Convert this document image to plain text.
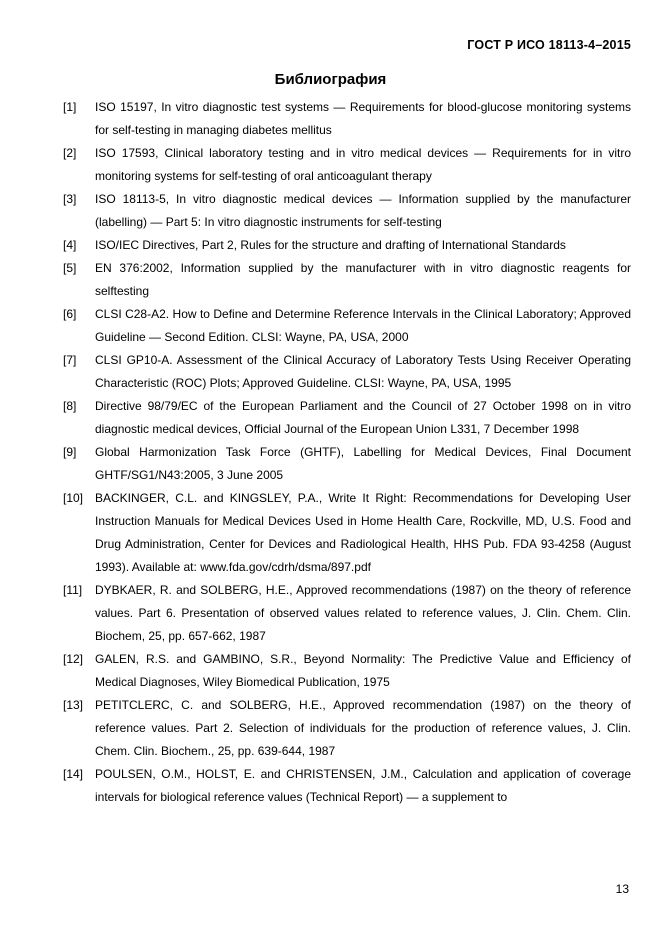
ГОСТ Р ИСО 18113-4–2015
Библиография
[1]	ISO 15197, In vitro diagnostic test systems — Requirements for blood-glucose monitoring systems for self-testing in managing diabetes mellitus
[2]	ISO 17593, Clinical laboratory testing and in vitro medical devices — Requirements for in vitro monitoring systems for self-testing of oral anticoagulant therapy
[3]	ISO 18113-5, In vitro diagnostic medical devices — Information supplied by the manufacturer (labelling) — Part 5: In vitro diagnostic instruments for self-testing
[4]	ISO/IEC Directives, Part 2, Rules for the structure and drafting of International Standards
[5]	EN 376:2002, Information supplied by the manufacturer with in vitro diagnostic reagents for selftesting
[6]	CLSI C28-A2. How to Define and Determine Reference Intervals in the Clinical Laboratory; Approved Guideline — Second Edition. CLSI: Wayne, PA, USA, 2000
[7]	CLSI GP10-A. Assessment of the Clinical Accuracy of Laboratory Tests Using Receiver Operating Characteristic (ROC) Plots; Approved Guideline. CLSI: Wayne, PA, USA, 1995
[8]	Directive 98/79/EC of the European Parliament and the Council of 27 October 1998 on in vitro diagnostic medical devices, Official Journal of the European Union L331, 7 December 1998
[9]	Global Harmonization Task Force (GHTF), Labelling for Medical Devices, Final Document GHTF/SG1/N43:2005, 3 June 2005
[10] BACKINGER, C.L. and KINGSLEY, P.A., Write It Right: Recommendations for Developing User Instruction Manuals for Medical Devices Used in Home Health Care, Rockville, MD, U.S. Food and Drug Administration, Center for Devices and Radiological Health, HHS Pub. FDA 93-4258 (August 1993). Available at: www.fda.gov/cdrh/dsma/897.pdf
[11]	DYBKAER, R. and SOLBERG, H.E., Approved recommendations (1987) on the theory of reference values. Part 6. Presentation of observed values related to reference values, J. Clin. Chem. Clin. Biochem, 25, pp. 657-662, 1987
[12] GALEN, R.S. and GAMBINO, S.R., Beyond Normality: The Predictive Value and Efficiency of Medical Diagnoses, Wiley Biomedical Publication, 1975
[13] PETITCLERC, C. and SOLBERG, H.E., Approved recommendation (1987) on the theory of reference values. Part 2. Selection of individuals for the production of reference values, J. Clin. Chem. Clin. Biochem., 25, pp. 639-644, 1987
[14] POULSEN, O.M., HOLST, E. and CHRISTENSEN, J.M., Calculation and application of coverage intervals for biological reference values (Technical Report) — a supplement to
13
